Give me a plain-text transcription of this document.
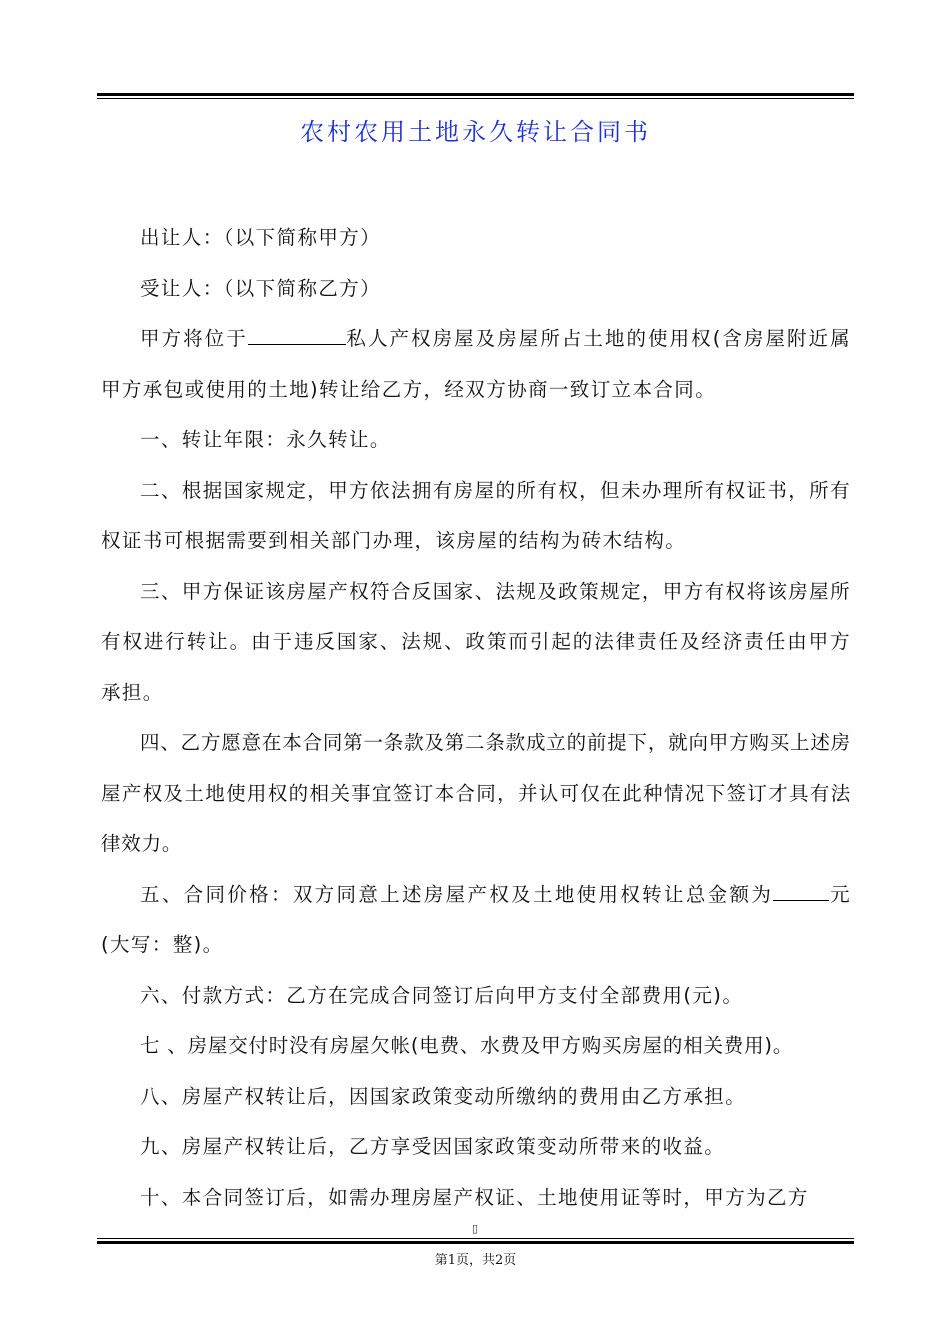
农村农用土地永久转让合同书

出让人：（以下简称甲方）

受让人：（以下简称乙方）

甲方将位于	私人产权房屋及房屋所占土地的使用权(含房屋附近属甲方承包或使用的土地)转让给乙方，经双方协商一致订立本合同。

一、转让年限：永久转让。

二、根据国家规定，甲方依法拥有房屋的所有权，但未办理所有权证书，所有权证书可根据需要到相关部门办理，该房屋的结构为砖木结构。

三、甲方保证该房屋产权符合反国家、法规及政策规定，甲方有权将该房屋所有权进行转让。由于违反国家、法规、政策而引起的法律责任及经济责任由甲方承担。

四、乙方愿意在本合同第一条款及第二条款成立的前提下，就向甲方购买上述房屋产权及土地使用权的相关事宜签订本合同，并认可仅在此种情况下签订才具有法律效力。

五、合同价格：双方同意上述房屋产权及土地使用权转让总金额为	元(大写：整)。

六、付款方式：乙方在完成合同签订后向甲方支付全部费用(元)。

七 、房屋交付时没有房屋欠帐(电费、水费及甲方购买房屋的相关费用)。

八、房屋产权转让后，因国家政策变动所缴纳的费用由乙方承担。

九、房屋产权转让后，乙方享受因国家政策变动所带来的收益。

十、本合同签订后，如需办理房屋产权证、土地使用证等时，甲方为乙方

▯
第1页，共2页
